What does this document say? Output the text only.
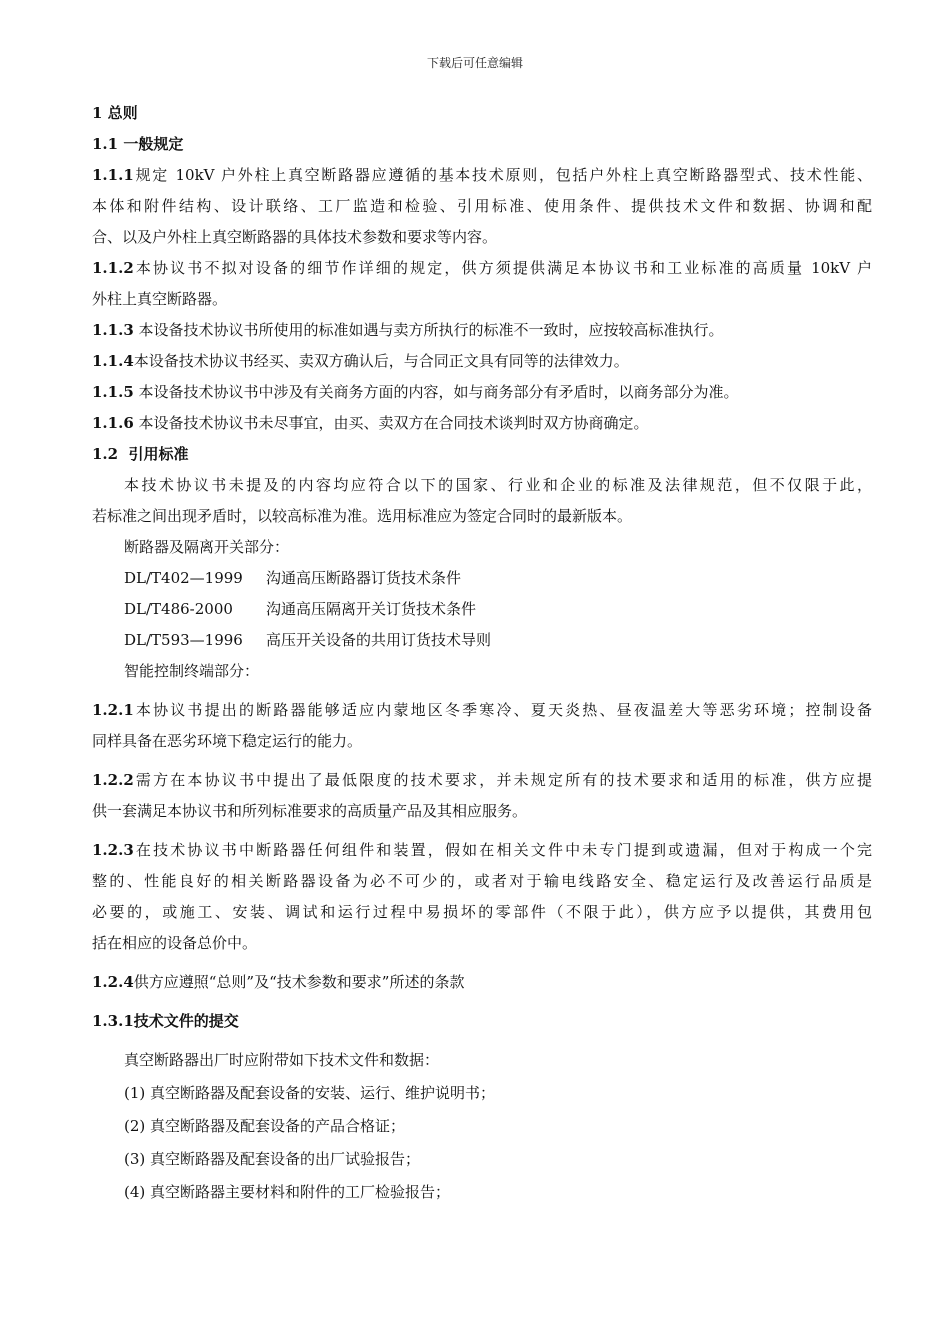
下载后可任意编辑
1 总则
1.1 一般规定
1.1.1规定 10kV 户外柱上真空断路器应遵循的基本技术原则，包括户外柱上真空断路器型式、技术性能、
本体和附件结构、设计联络、工厂监造和检验、引用标准、使用条件、提供技术文件和数据、协调和配
合、以及户外柱上真空断路器的具体技术参数和要求等内容。
1.1.2本协议书不拟对设备的细节作详细的规定，供方须提供满足本协议书和工业标准的高质量 10kV 户
外柱上真空断路器。
1.1.3 本设备技术协议书所使用的标准如遇与卖方所执行的标准不一致时，应按较高标准执行。
1.1.4本设备技术协议书经买、卖双方确认后，与合同正文具有同等的法律效力。
1.1.5 本设备技术协议书中涉及有关商务方面的内容，如与商务部分有矛盾时，以商务部分为准。
1.1.6 本设备技术协议书未尽事宜，由买、卖双方在合同技术谈判时双方协商确定。
1.2  引用标准
本技术协议书未提及的内容均应符合以下的国家、行业和企业的标准及法律规范，但不仅限于此，
若标准之间出现矛盾时，以较高标准为准。选用标准应为签定合同时的最新版本。
断路器及隔离开关部分：
DL/T402—1999	沟通高压断路器订货技术条件
DL/T486-2000	沟通高压隔离开关订货技术条件
DL/T593—1996	高压开关设备的共用订货技术导则
智能控制终端部分：
1.2.1本协议书提出的断路器能够适应内蒙地区冬季寒冷、夏天炎热、昼夜温差大等恶劣环境；控制设备
同样具备在恶劣环境下稳定运行的能力。
1.2.2需方在本协议书中提出了最低限度的技术要求，并未规定所有的技术要求和适用的标准，供方应提
供一套满足本协议书和所列标准要求的高质量产品及其相应服务。
1.2.3在技术协议书中断路器任何组件和装置，假如在相关文件中未专门提到或遗漏，但对于构成一个完
整的、性能良好的相关断路器设备为必不可少的，或者对于输电线路安全、稳定运行及改善运行品质是
必要的，或施工、安装、调试和运行过程中易损坏的零部件（不限于此），供方应予以提供，其费用包
括在相应的设备总价中。
1.2.4供方应遵照“总则”及“技术参数和要求”所述的条款
1.3.1技术文件的提交
真空断路器出厂时应附带如下技术文件和数据：
(1) 真空断路器及配套设备的安装、运行、维护说明书；
(2) 真空断路器及配套设备的产品合格证；
(3) 真空断路器及配套设备的出厂试验报告；
(4) 真空断路器主要材料和附件的工厂检验报告；
